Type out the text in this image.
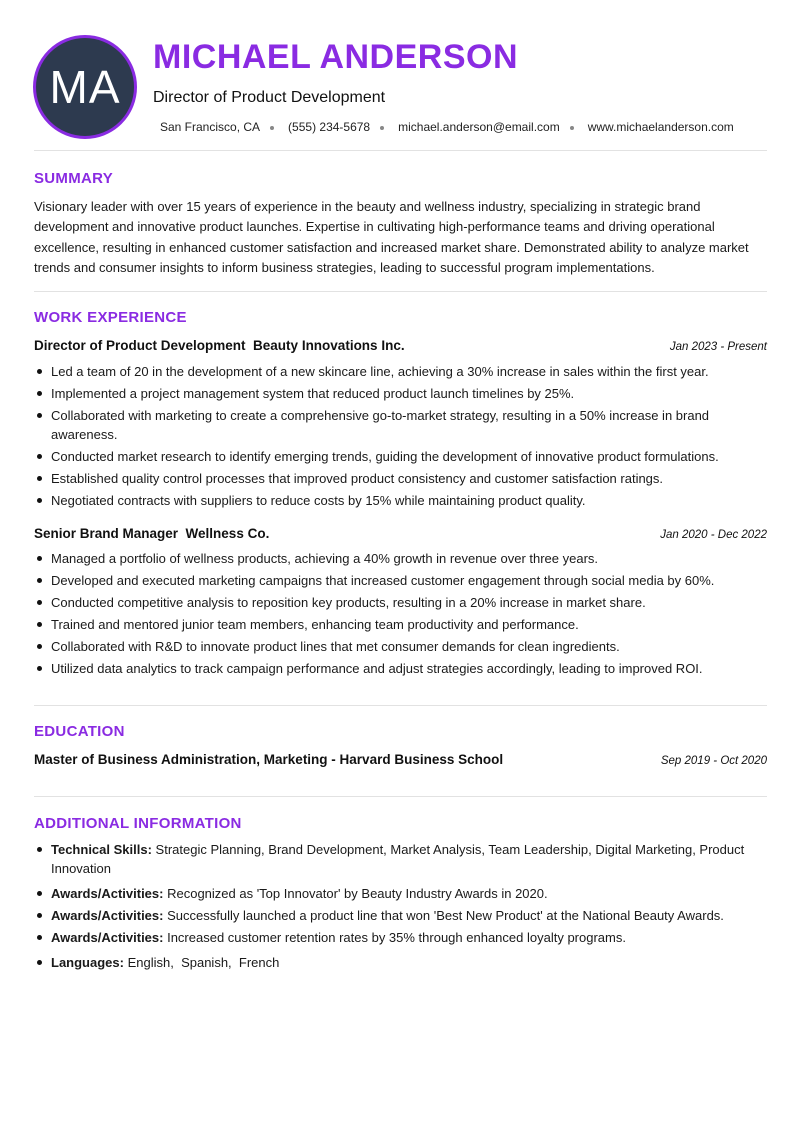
MA
MICHAEL ANDERSON
Director of Product Development
San Francisco, CA (555) 234-5678 michael.anderson@email.com www.michaelanderson.com
SUMMARY
Visionary leader with over 15 years of experience in the beauty and wellness industry, specializing in strategic brand development and innovative product launches. Expertise in cultivating high-performance teams and driving operational excellence, resulting in enhanced customer satisfaction and increased market share. Demonstrated ability to analyze market trends and consumer insights to inform business strategies, leading to successful program implementations.
WORK EXPERIENCE
Director of Product Development Beauty Innovations Inc.	Jan 2023 - Present
Led a team of 20 in the development of a new skincare line, achieving a 30% increase in sales within the first year.
Implemented a project management system that reduced product launch timelines by 25%.
Collaborated with marketing to create a comprehensive go-to-market strategy, resulting in a 50% increase in brand awareness.
Conducted market research to identify emerging trends, guiding the development of innovative product formulations.
Established quality control processes that improved product consistency and customer satisfaction ratings.
Negotiated contracts with suppliers to reduce costs by 15% while maintaining product quality.
Senior Brand Manager Wellness Co.	Jan 2020 - Dec 2022
Managed a portfolio of wellness products, achieving a 40% growth in revenue over three years.
Developed and executed marketing campaigns that increased customer engagement through social media by 60%.
Conducted competitive analysis to reposition key products, resulting in a 20% increase in market share.
Trained and mentored junior team members, enhancing team productivity and performance.
Collaborated with R&D to innovate product lines that met consumer demands for clean ingredients.
Utilized data analytics to track campaign performance and adjust strategies accordingly, leading to improved ROI.
EDUCATION
Master of Business Administration, Marketing - Harvard Business School	Sep 2019 - Oct 2020
ADDITIONAL INFORMATION
Technical Skills: Strategic Planning, Brand Development, Market Analysis, Team Leadership, Digital Marketing, Product Innovation
Awards/Activities: Recognized as 'Top Innovator' by Beauty Industry Awards in 2020.
Awards/Activities: Successfully launched a product line that won 'Best New Product' at the National Beauty Awards.
Awards/Activities: Increased customer retention rates by 35% through enhanced loyalty programs.
Languages: English,  Spanish,  French
